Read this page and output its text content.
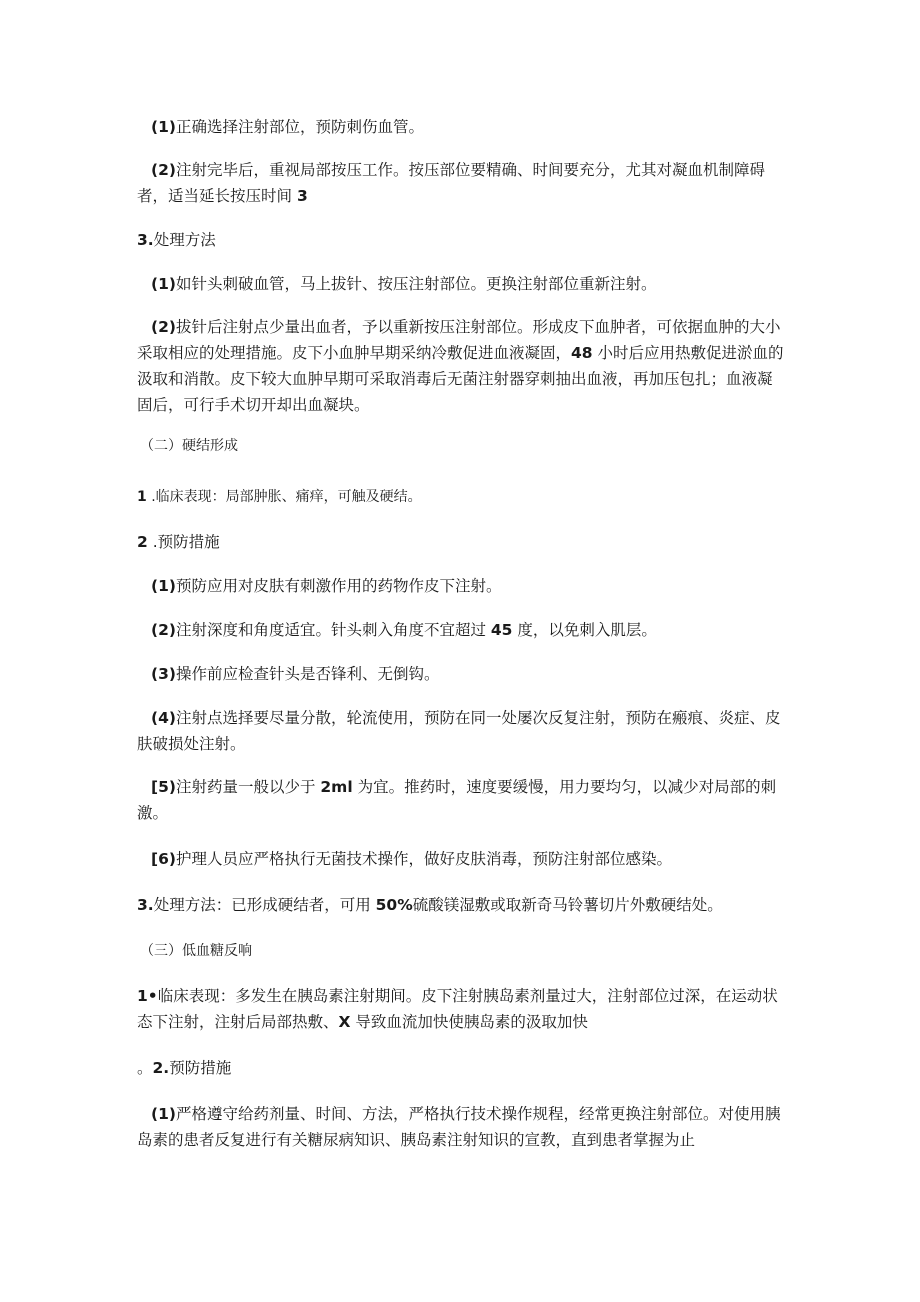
(1)正确选择注射部位，预防刺伤血管。

(2)注射完毕后，重视局部按压工作。按压部位要精确、时间要充分，尤其对凝血机制障碍者，适当延长按压时间 3

3.处理方法

(1)如针头刺破血管，马上拔针、按压注射部位。更换注射部位重新注射。

(2)拔针后注射点少量出血者，予以重新按压注射部位。形成皮下血肿者，可依据血肿的大小采取相应的处理措施。皮下小血肿早期采纳冷敷促进血液凝固，48 小时后应用热敷促进淤血的汲取和消散。皮下较大血肿早期可采取消毒后无菌注射器穿刺抽出血液，再加压包扎；血液凝固后，可行手术切开却出血凝块。

（二）硬结形成

1 .临床表现：局部肿胀、痛痒，可触及硬结。

2 .预防措施

(1)预防应用对皮肤有刺激作用的药物作皮下注射。

(2)注射深度和角度适宜。针头刺入角度不宜超过 45 度，以免刺入肌层。

(3)操作前应检查针头是否锋利、无倒钩。

(4)注射点选择要尽量分散，轮流使用，预防在同一处屡次反复注射，预防在瘢痕、炎症、皮肤破损处注射。

[5)注射药量一般以少于 2ml 为宜。推药时，速度要缓慢，用力要均匀，以减少对局部的刺激。

[6)护理人员应严格执行无菌技术操作，做好皮肤消毒，预防注射部位感染。

3.处理方法：已形成硬结者，可用 50%硫酸镁湿敷或取新奇马铃薯切片外敷硬结处。

（三）低血糖反响

1•临床表现：多发生在胰岛素注射期间。皮下注射胰岛素剂量过大，注射部位过深，在运动状态下注射，注射后局部热敷、X 导致血流加快使胰岛素的汲取加快

。2.预防措施

(1)严格遵守给药剂量、时间、方法，严格执行技术操作规程，经常更换注射部位。对使用胰岛素的患者反复进行有关糖尿病知识、胰岛素注射知识的宣教，直到患者掌握为止
